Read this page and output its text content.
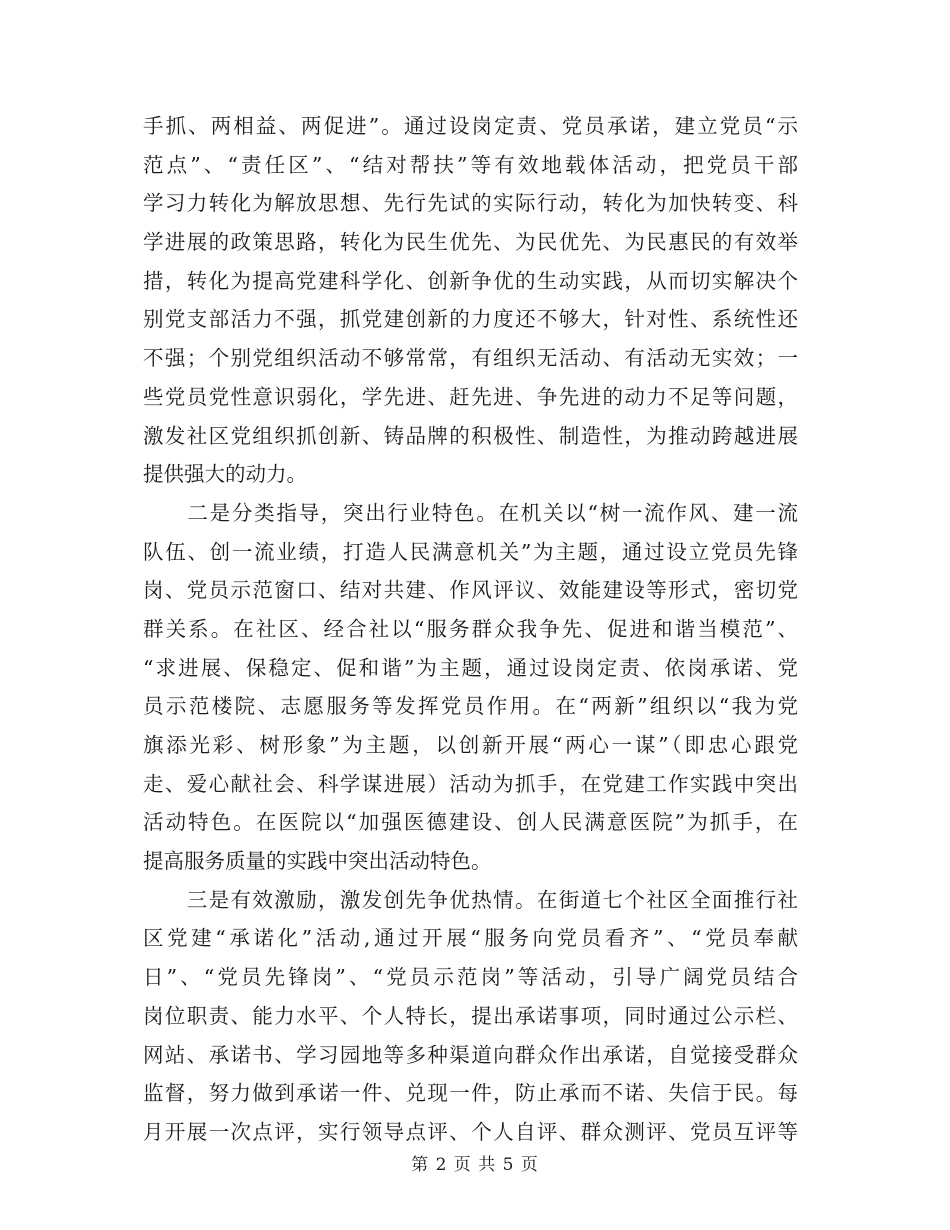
手抓、两相益、两促进”。通过设岗定责、党员承诺，建立党员“示
范点”、“责任区”、“结对帮扶”等有效地载体活动，把党员干部
学习力转化为解放思想、先行先试的实际行动，转化为加快转变、科
学进展的政策思路，转化为民生优先、为民优先、为民惠民的有效举
措，转化为提高党建科学化、创新争优的生动实践，从而切实解决个
别党支部活力不强，抓党建创新的力度还不够大，针对性、系统性还
不强；个别党组织活动不够常常，有组织无活动、有活动无实效；一
些党员党性意识弱化，学先进、赶先进、争先进的动力不足等问题，
激发社区党组织抓创新、铸品牌的积极性、制造性，为推动跨越进展
提供强大的动力。
　　二是分类指导，突出行业特色。在机关以“树一流作风、建一流
队伍、创一流业绩，打造人民满意机关”为主题，通过设立党员先锋
岗、党员示范窗口、结对共建、作风评议、效能建设等形式，密切党
群关系。在社区、经合社以“服务群众我争先、促进和谐当模范”、
“求进展、保稳定、促和谐”为主题，通过设岗定责、依岗承诺、党
员示范楼院、志愿服务等发挥党员作用。在“两新”组织以“我为党
旗添光彩、树形象”为主题，以创新开展“两心一谋”（即忠心跟党
走、爱心献社会、科学谋进展）活动为抓手，在党建工作实践中突出
活动特色。在医院以“加强医德建设、创人民满意医院”为抓手，在
提高服务质量的实践中突出活动特色。
　　三是有效激励，激发创先争优热情。在街道七个社区全面推行社
区党建“承诺化”活动,通过开展“服务向党员看齐”、“党员奉献
日”、“党员先锋岗”、“党员示范岗”等活动，引导广阔党员结合
岗位职责、能力水平、个人特长，提出承诺事项，同时通过公示栏、
网站、承诺书、学习园地等多种渠道向群众作出承诺，自觉接受群众
监督，努力做到承诺一件、兑现一件，防止承而不诺、失信于民。每
月开展一次点评，实行领导点评、个人自评、群众测评、党员互评等
第 2 页 共 5 页
